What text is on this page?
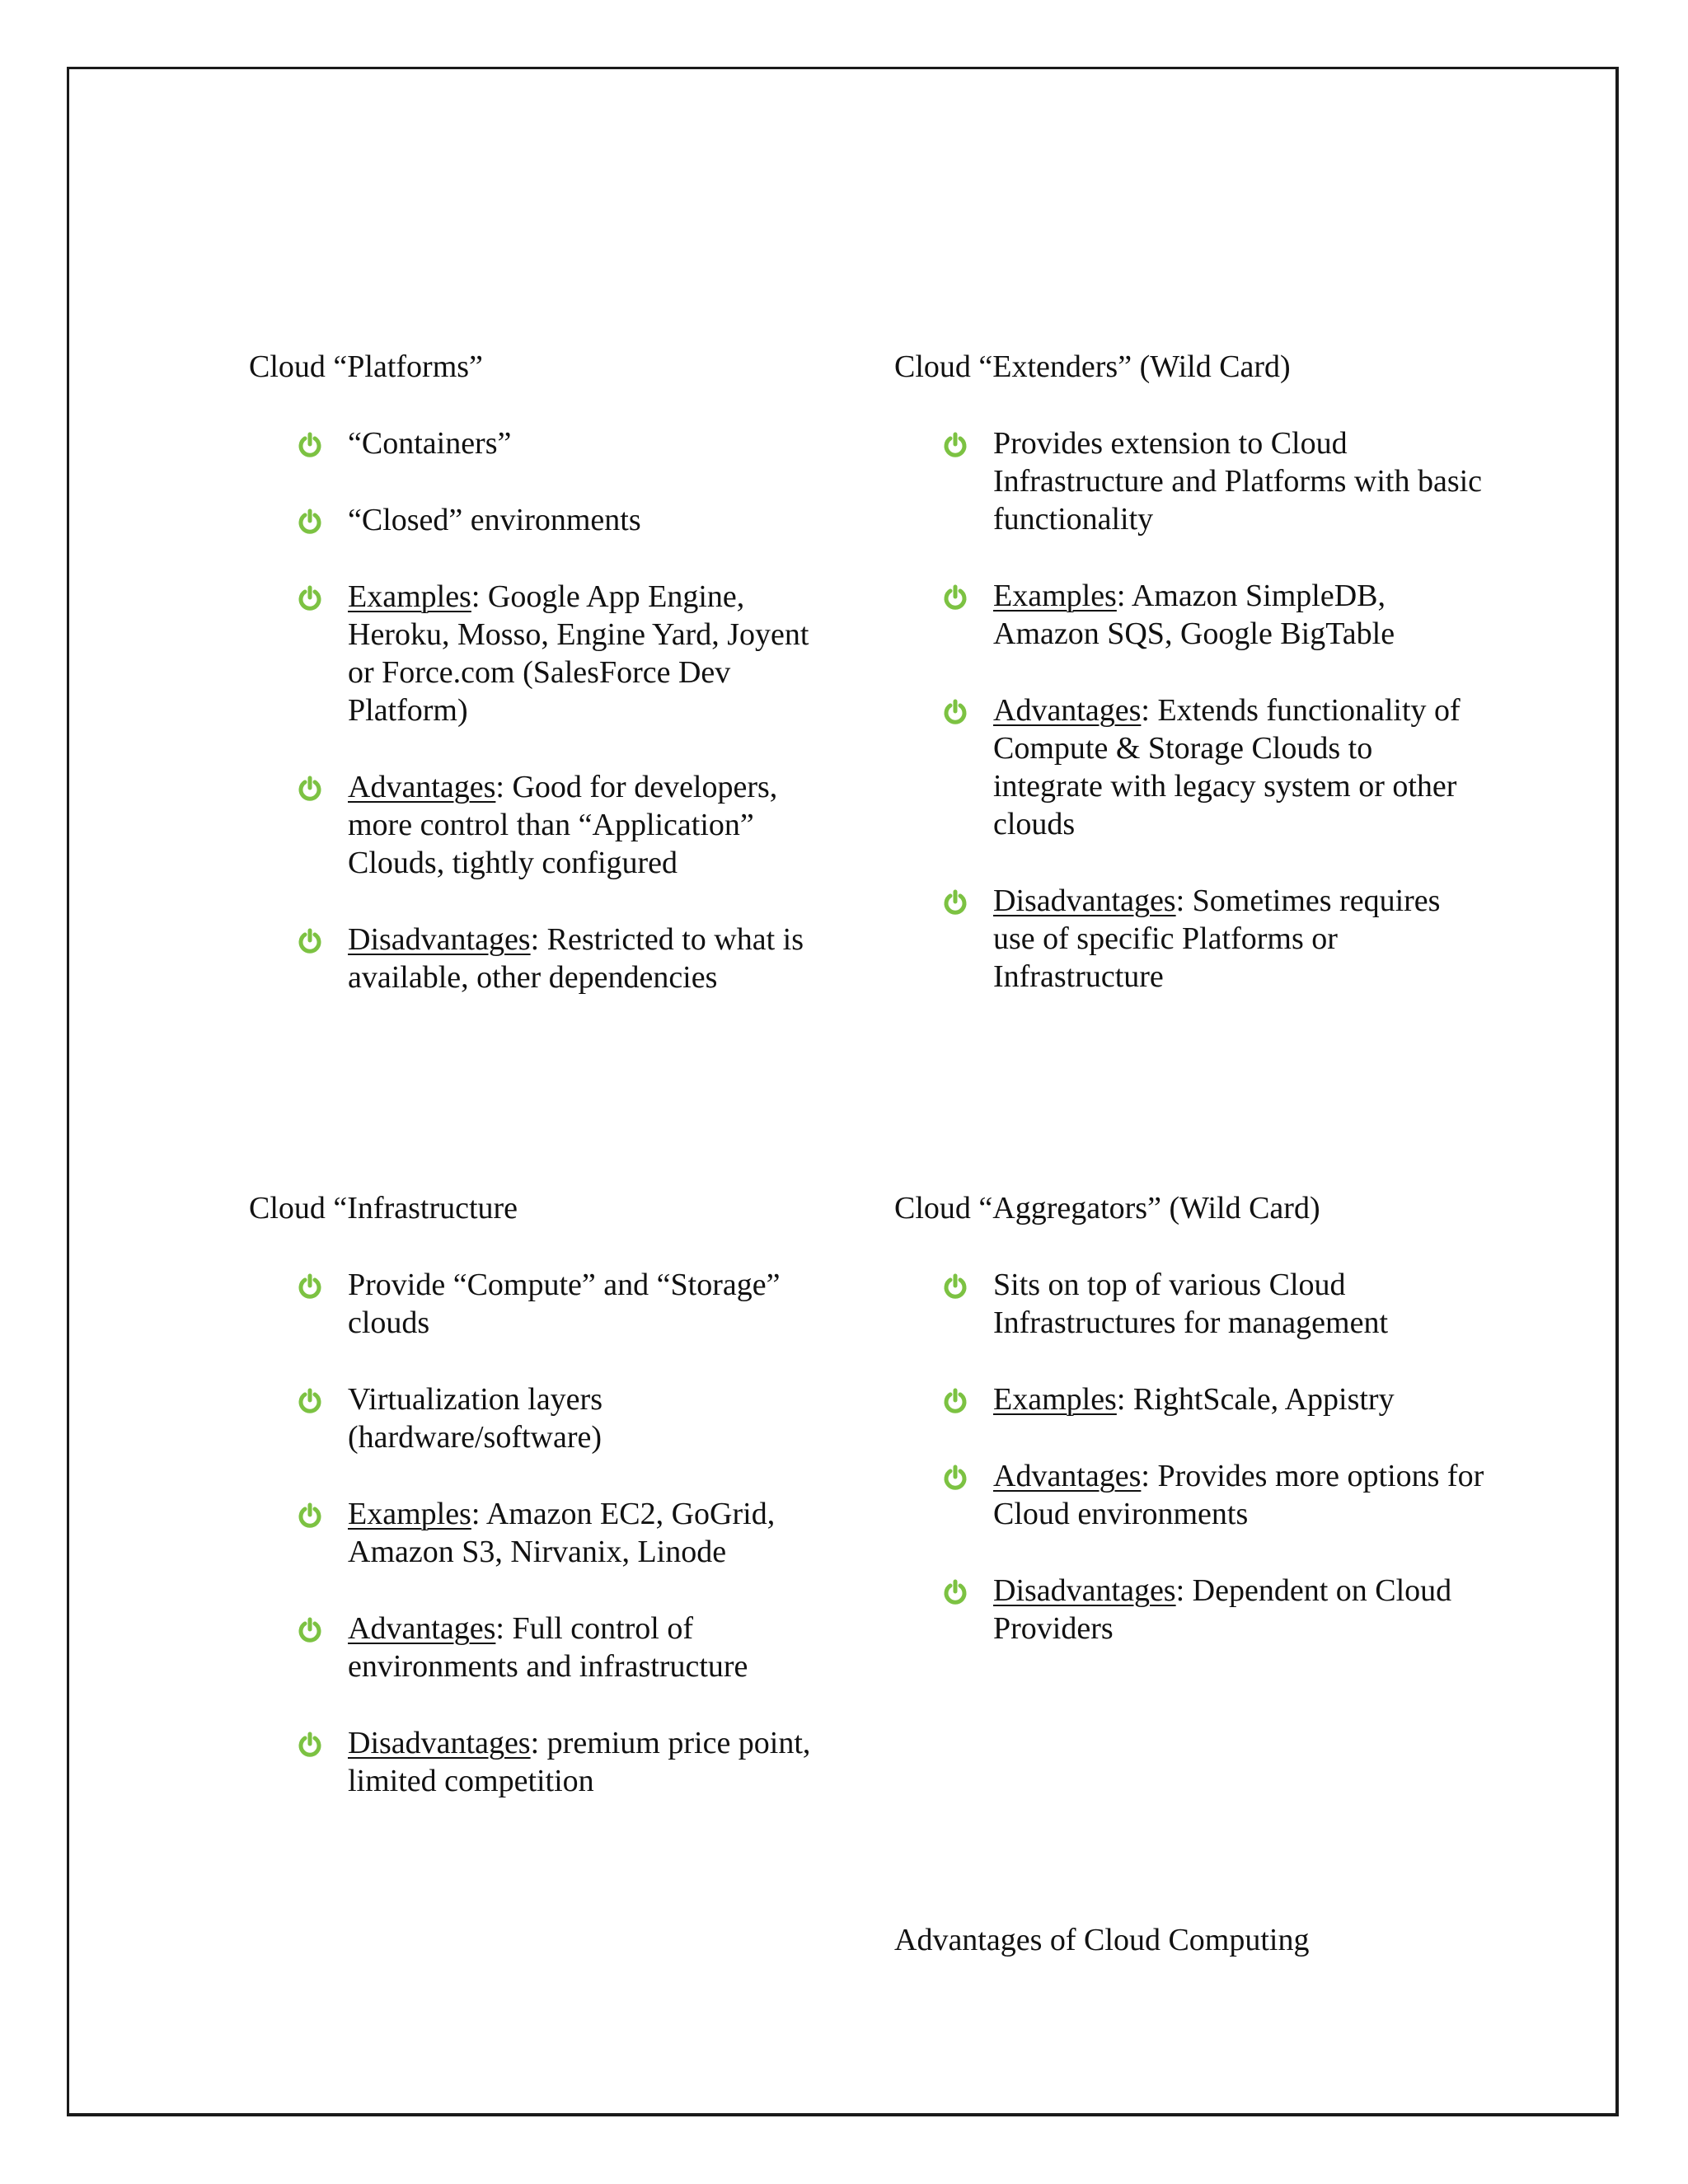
Cloud “Platforms”
“Containers”
“Closed” environments
Examples: Google App Engine, Heroku, Mosso, Engine Yard, Joyent or Force.com (SalesForce Dev Platform)
Advantages: Good for developers, more control than “Application” Clouds, tightly configured
Disadvantages: Restricted to what is available, other dependencies
Cloud “Extenders” (Wild Card)
Provides extension to Cloud Infrastructure and Platforms with basic functionality
Examples: Amazon SimpleDB, Amazon SQS, Google BigTable
Advantages: Extends functionality of Compute & Storage Clouds to integrate with legacy system or other clouds
Disadvantages: Sometimes requires use of specific Platforms or Infrastructure
Cloud “Infrastructure
Provide “Compute” and “Storage” clouds
Virtualization layers (hardware/software)
Examples: Amazon EC2, GoGrid, Amazon S3, Nirvanix, Linode
Advantages: Full control of environments and infrastructure
Disadvantages: premium price point, limited competition
Cloud “Aggregators” (Wild Card)
Sits on top of various Cloud Infrastructures for management
Examples: RightScale, Appistry
Advantages: Provides more options for Cloud environments
Disadvantages: Dependent on Cloud Providers
Advantages of Cloud Computing
